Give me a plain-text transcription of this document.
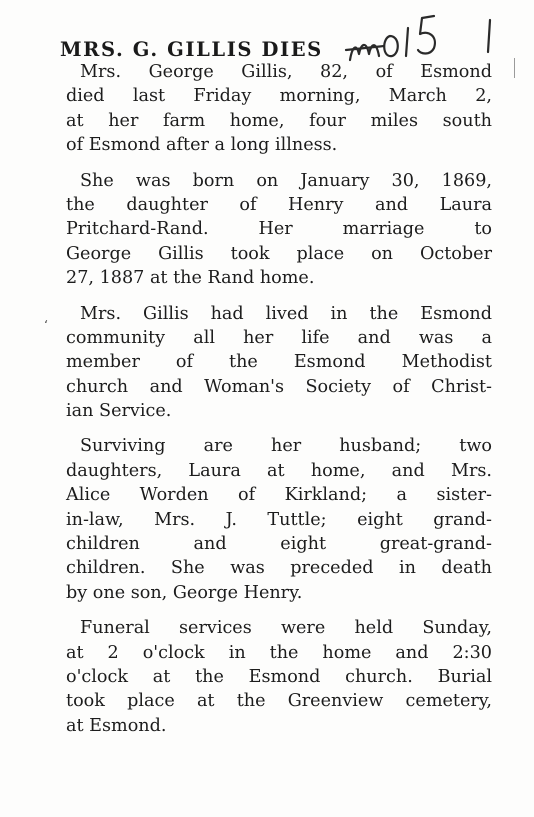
MRS. G. GILLIS DIES
ʻ
Mrs. George Gillis, 82, of Esmond
died last Friday morning, March 2,
at her farm home, four miles south
of Esmond after a long illness.
She was born on January 30, 1869,
the daughter of Henry and Laura
Pritchard-Rand. Her marriage to
George Gillis took place on October
27, 1887 at the Rand home.
Mrs. Gillis had lived in the Esmond
community all her life and was a
member of the Esmond Methodist
church and Woman's Society of Christ-
ian Service.
Surviving are her husband; two
daughters, Laura at home, and Mrs.
Alice Worden of Kirkland; a sister-
in-law, Mrs. J. Tuttle; eight grand-
children and eight great-grand-
children. She was preceded in death
by one son, George Henry.
Funeral services were held Sunday,
at 2 o'clock in the home and 2:30
o'clock at the Esmond church. Burial
took place at the Greenview cemetery,
at Esmond.
